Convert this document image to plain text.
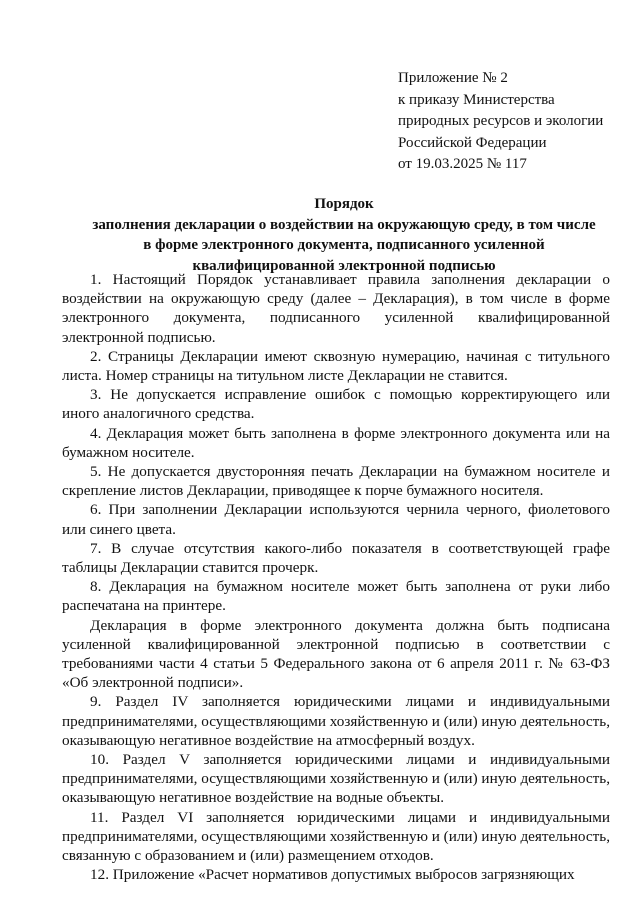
Приложение № 2
к приказу Министерства
природных ресурсов и экологии
Российской Федерации
от 19.03.2025 № 117
Порядок
заполнения декларации о воздействии на окружающую среду, в том числе
в форме электронного документа, подписанного усиленной
квалифицированной электронной подписью

1. Настоящий Порядок устанавливает правила заполнения декларации о воздействии на окружающую среду (далее – Декларация), в том числе в форме электронного документа, подписанного усиленной квалифицированной электронной подписью.

2. Страницы Декларации имеют сквозную нумерацию, начиная с титульного листа. Номер страницы на титульном листе Декларации не ставится.

3. Не допускается исправление ошибок с помощью корректирующего или иного аналогичного средства.

4. Декларация может быть заполнена в форме электронного документа или на бумажном носителе.

5. Не допускается двусторонняя печать Декларации на бумажном носителе и скрепление листов Декларации, приводящее к порче бумажного носителя.

6. При заполнении Декларации используются чернила черного, фиолетового или синего цвета.

7. В случае отсутствия какого-либо показателя в соответствующей графе таблицы Декларации ставится прочерк.

8. Декларация на бумажном носителе может быть заполнена от руки либо распечатана на принтере.

Декларация в форме электронного документа должна быть подписана усиленной квалифицированной электронной подписью в соответствии с требованиями части 4 статьи 5 Федерального закона от 6 апреля 2011 г. № 63-ФЗ «Об электронной подписи».

9. Раздел IV заполняется юридическими лицами и индивидуальными предпринимателями, осуществляющими хозяйственную и (или) иную деятельность, оказывающую негативное воздействие на атмосферный воздух.

10. Раздел V заполняется юридическими лицами и индивидуальными предпринимателями, осуществляющими хозяйственную и (или) иную деятельность, оказывающую негативное воздействие на водные объекты.

11. Раздел VI заполняется юридическими лицами и индивидуальными предпринимателями, осуществляющими хозяйственную и (или) иную деятельность, связанную с образованием и (или) размещением отходов.

12. Приложение «Расчет нормативов допустимых выбросов загрязняющих
